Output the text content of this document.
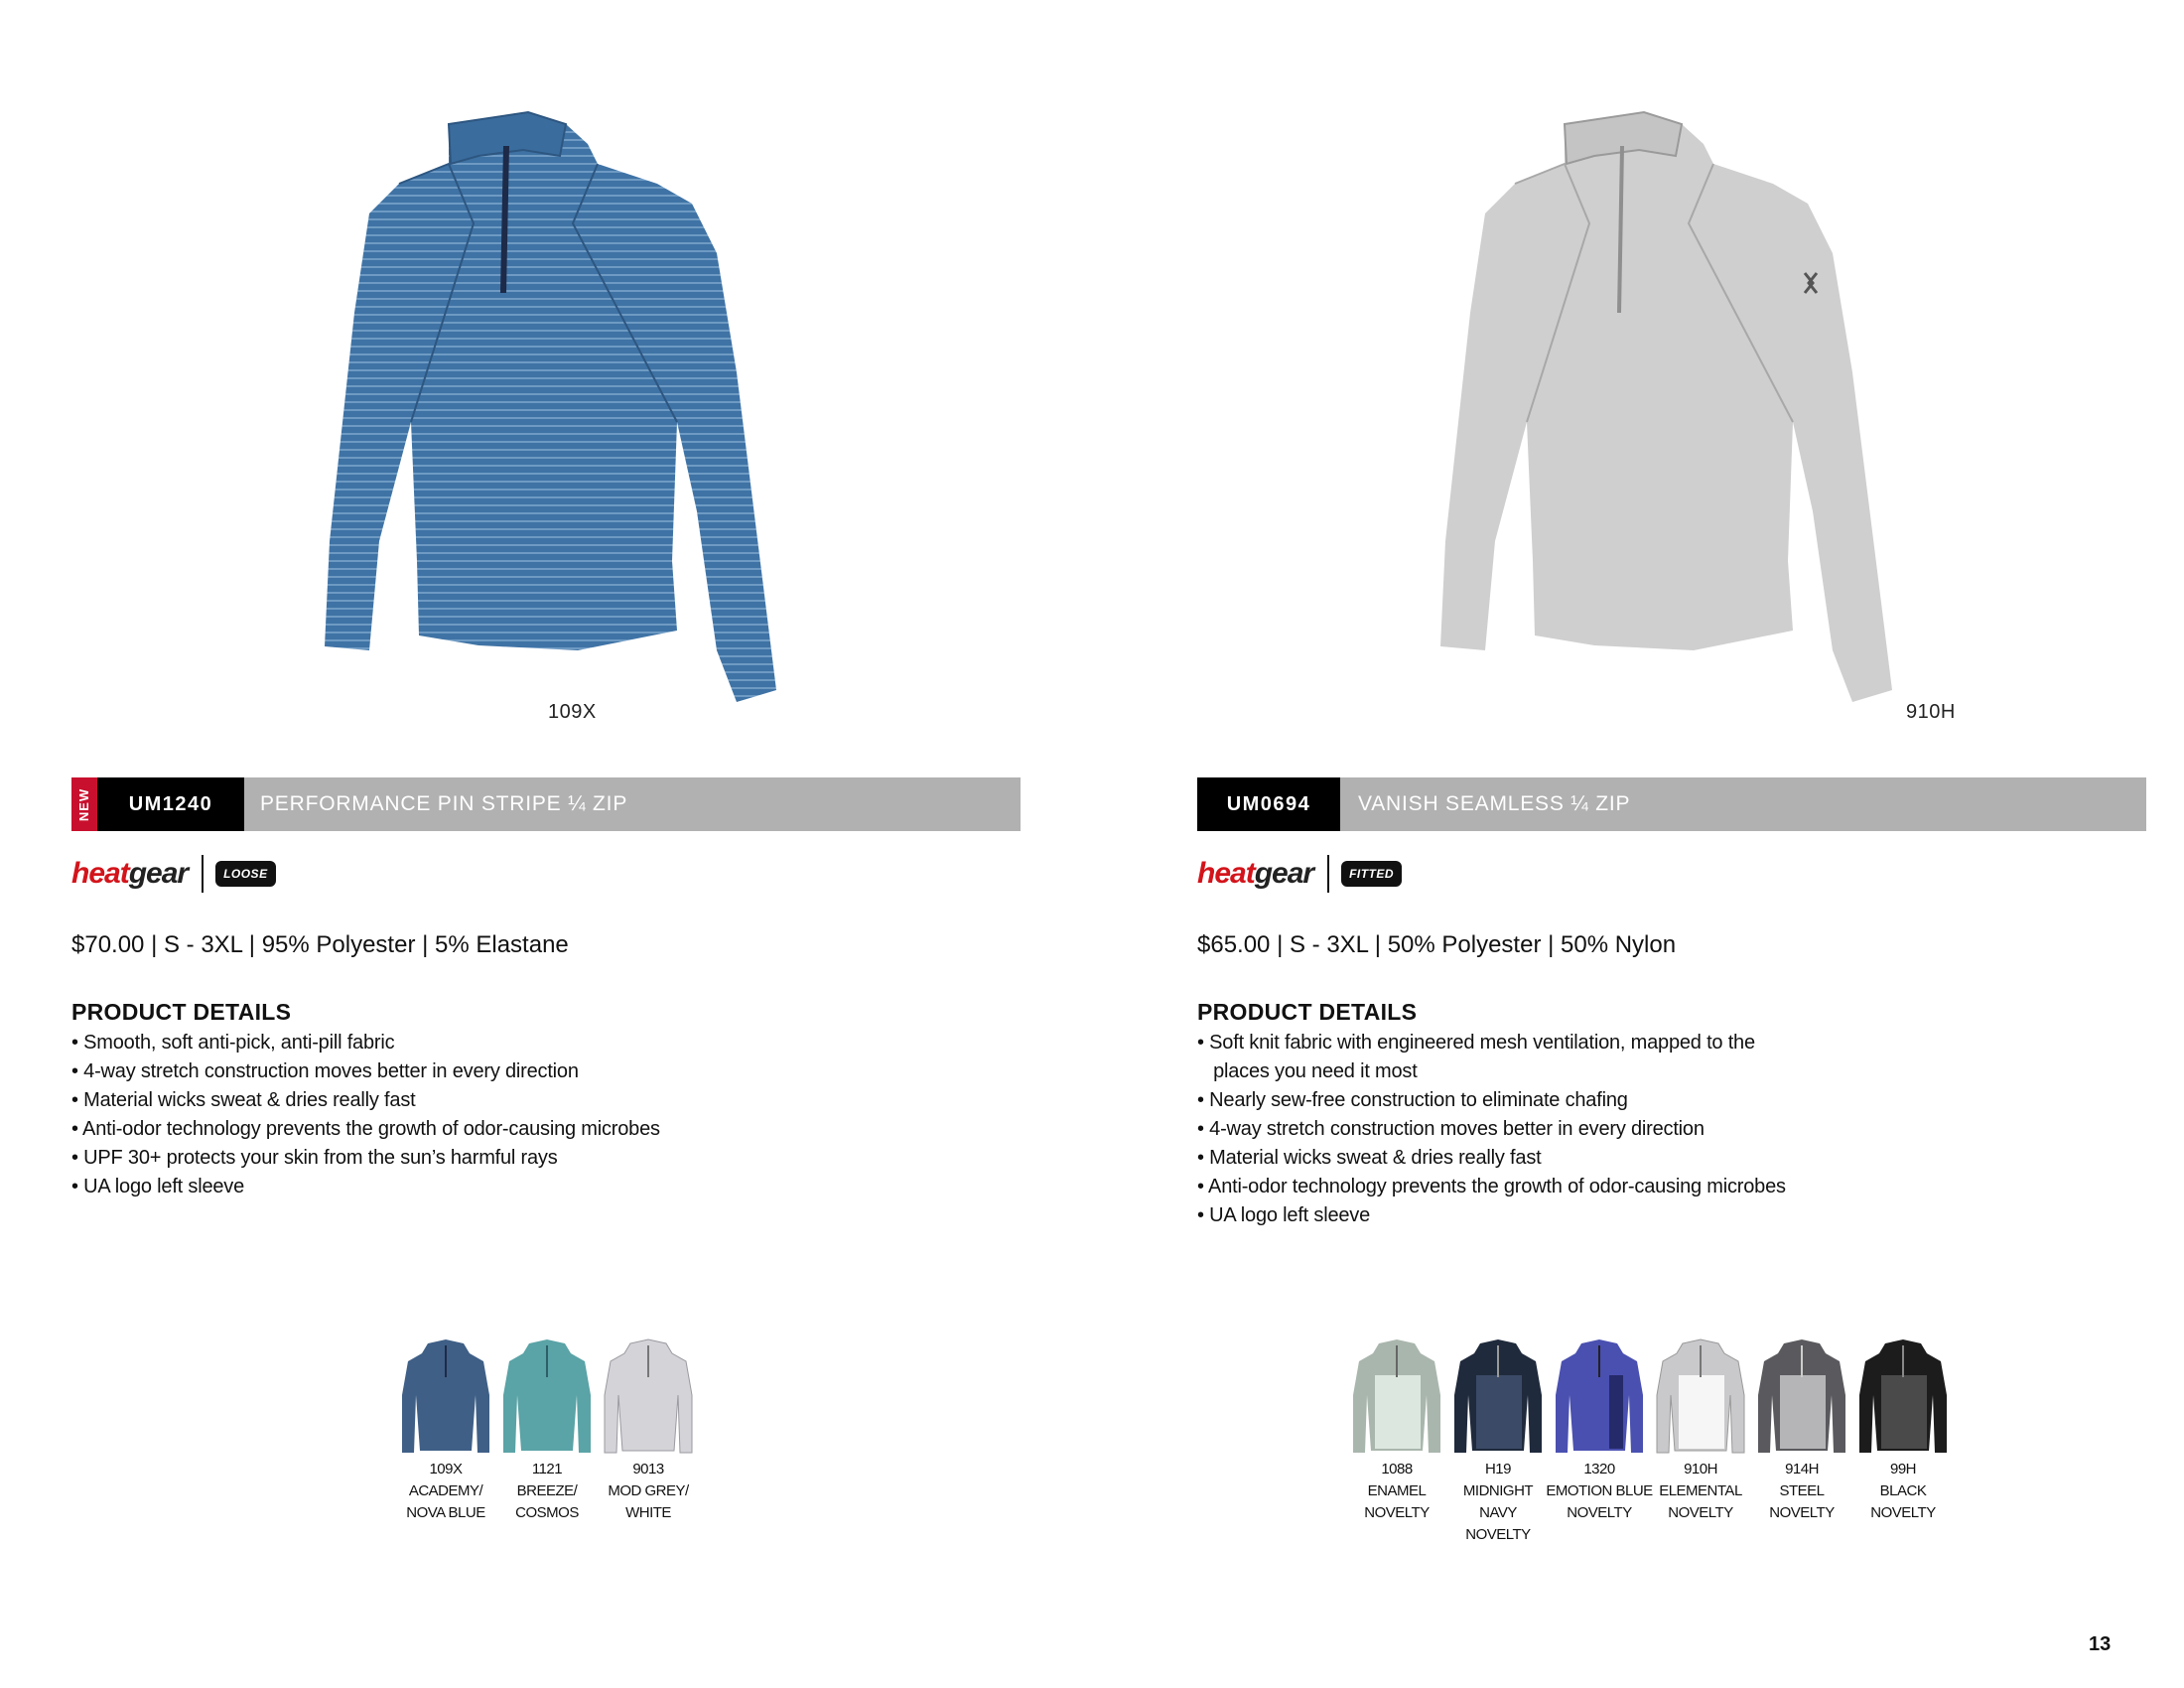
109X
NEW	UM1240	PERFORMANCE PIN STRIPE ¼ ZIP
heatgear	LOOSE
$70.00 | S - 3XL | 95% Polyester | 5% Elastane
PRODUCT DETAILS
• Smooth, soft anti-pick, anti-pill fabric
• 4-way stretch construction moves better in every direction
• Material wicks sweat & dries really fast
• Anti-odor technology prevents the growth of odor-causing microbes
• UPF 30+ protects your skin from the sun’s harmful rays
• UA logo left sleeve
109X
ACADEMY/
NOVA BLUE
1121
BREEZE/
COSMOS
9013
MOD GREY/
WHITE
910H
UM0694	VANISH SEAMLESS ¼ ZIP
heatgear	FITTED
$65.00 | S - 3XL | 50% Polyester | 50% Nylon
PRODUCT DETAILS
• Soft knit fabric with engineered mesh ventilation, mapped to the
places you need it most
• Nearly sew-free construction to eliminate chafing
• 4-way stretch construction moves better in every direction
• Material wicks sweat & dries really fast
• Anti-odor technology prevents the growth of odor-causing microbes
• UA logo left sleeve
1088
ENAMEL
NOVELTY
H19
MIDNIGHT
NAVY
NOVELTY
1320
EMOTION BLUE
NOVELTY
910H
ELEMENTAL
NOVELTY
914H
STEEL
NOVELTY
99H
BLACK
NOVELTY
13
